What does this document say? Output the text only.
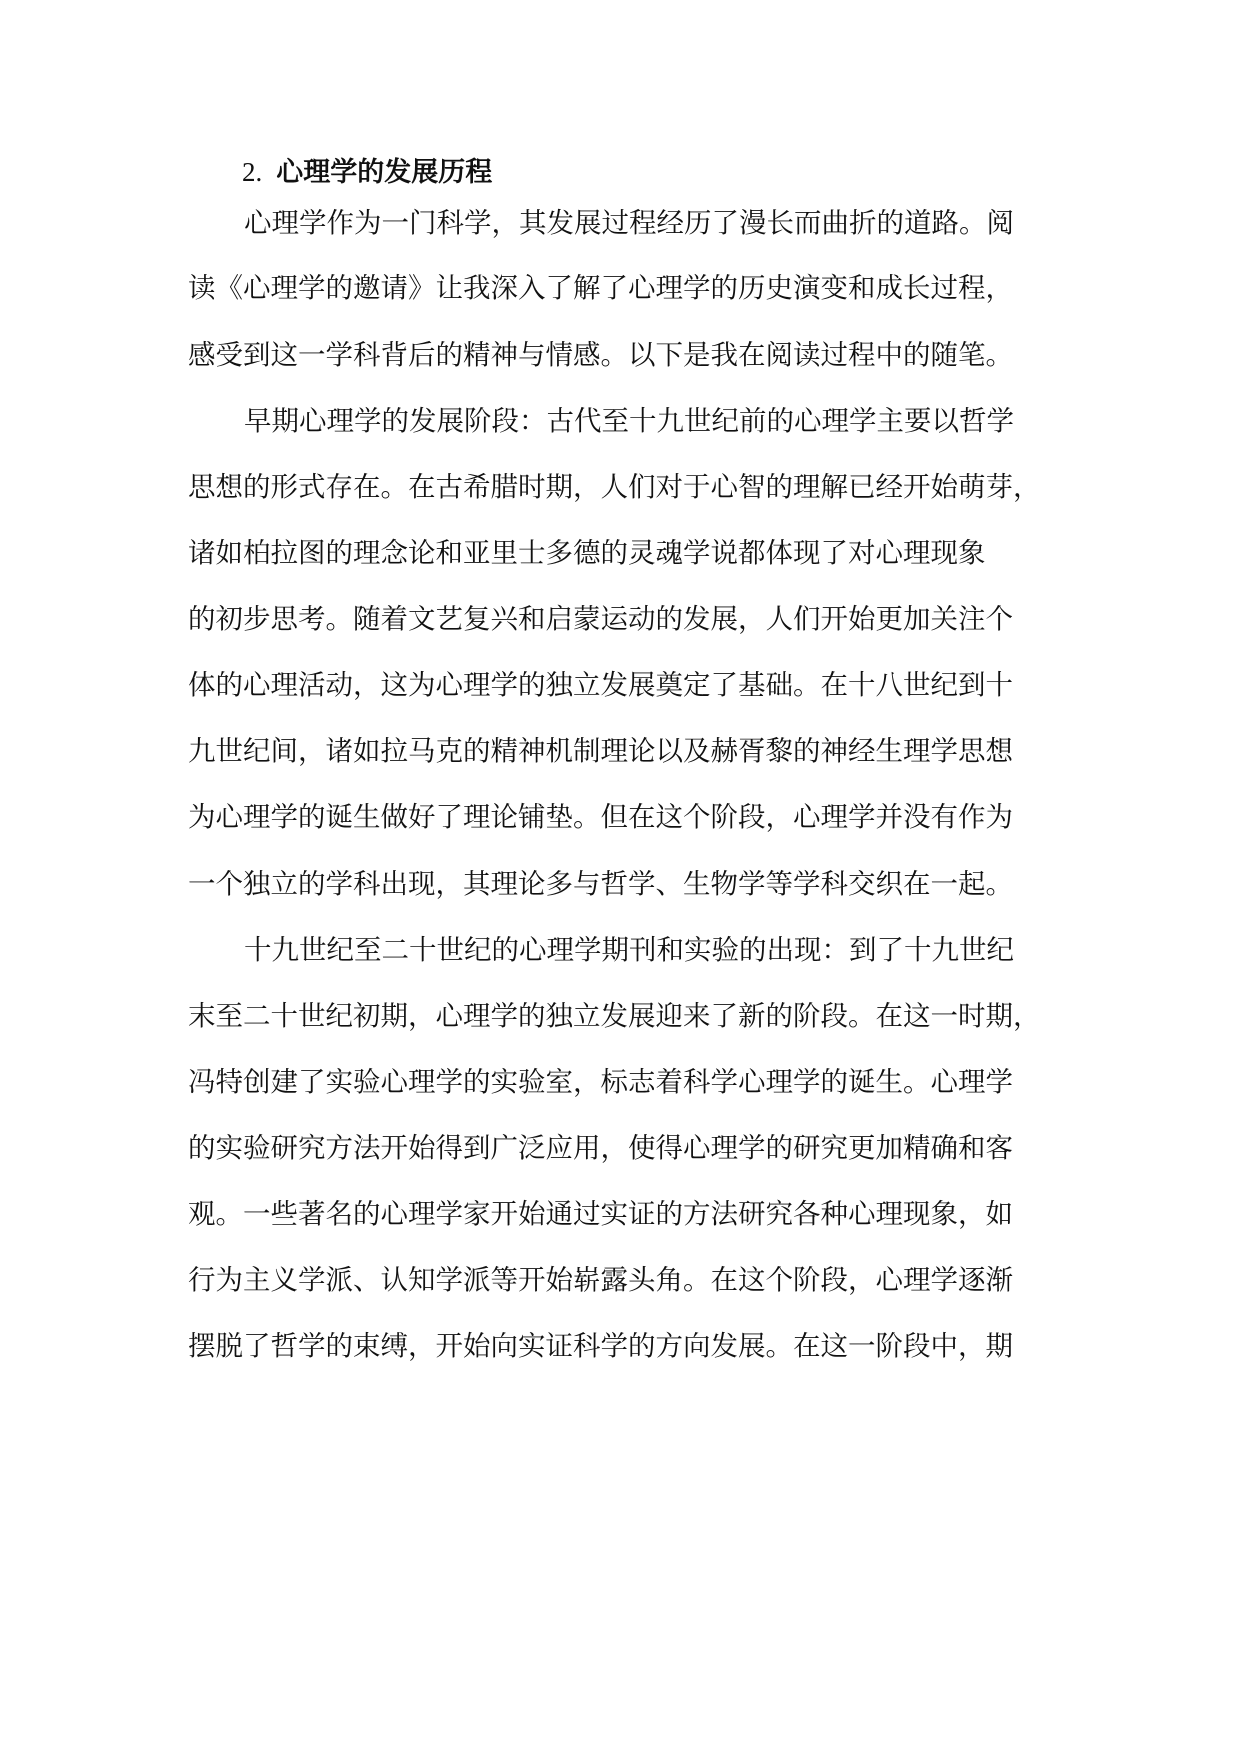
2. 心理学的发展历程
心理学作为一门科学，其发展过程经历了漫长而曲折的道路。阅
读《心理学的邀请》让我深入了解了心理学的历史演变和成长过程，
感受到这一学科背后的精神与情感。以下是我在阅读过程中的随笔。
早期心理学的发展阶段：古代至十九世纪前的心理学主要以哲学
思想的形式存在。在古希腊时期，人们对于心智的理解已经开始萌芽，
诸如柏拉图的理念论和亚里士多德的灵魂学说都体现了对心理现象
的初步思考。随着文艺复兴和启蒙运动的发展，人们开始更加关注个
体的心理活动，这为心理学的独立发展奠定了基础。在十八世纪到十
九世纪间，诸如拉马克的精神机制理论以及赫胥黎的神经生理学思想
为心理学的诞生做好了理论铺垫。但在这个阶段，心理学并没有作为
一个独立的学科出现，其理论多与哲学、生物学等学科交织在一起。
十九世纪至二十世纪的心理学期刊和实验的出现：到了十九世纪
末至二十世纪初期，心理学的独立发展迎来了新的阶段。在这一时期，
冯特创建了实验心理学的实验室，标志着科学心理学的诞生。心理学
的实验研究方法开始得到广泛应用，使得心理学的研究更加精确和客
观。一些著名的心理学家开始通过实证的方法研究各种心理现象，如
行为主义学派、认知学派等开始崭露头角。在这个阶段，心理学逐渐
摆脱了哲学的束缚，开始向实证科学的方向发展。在这一阶段中，期
